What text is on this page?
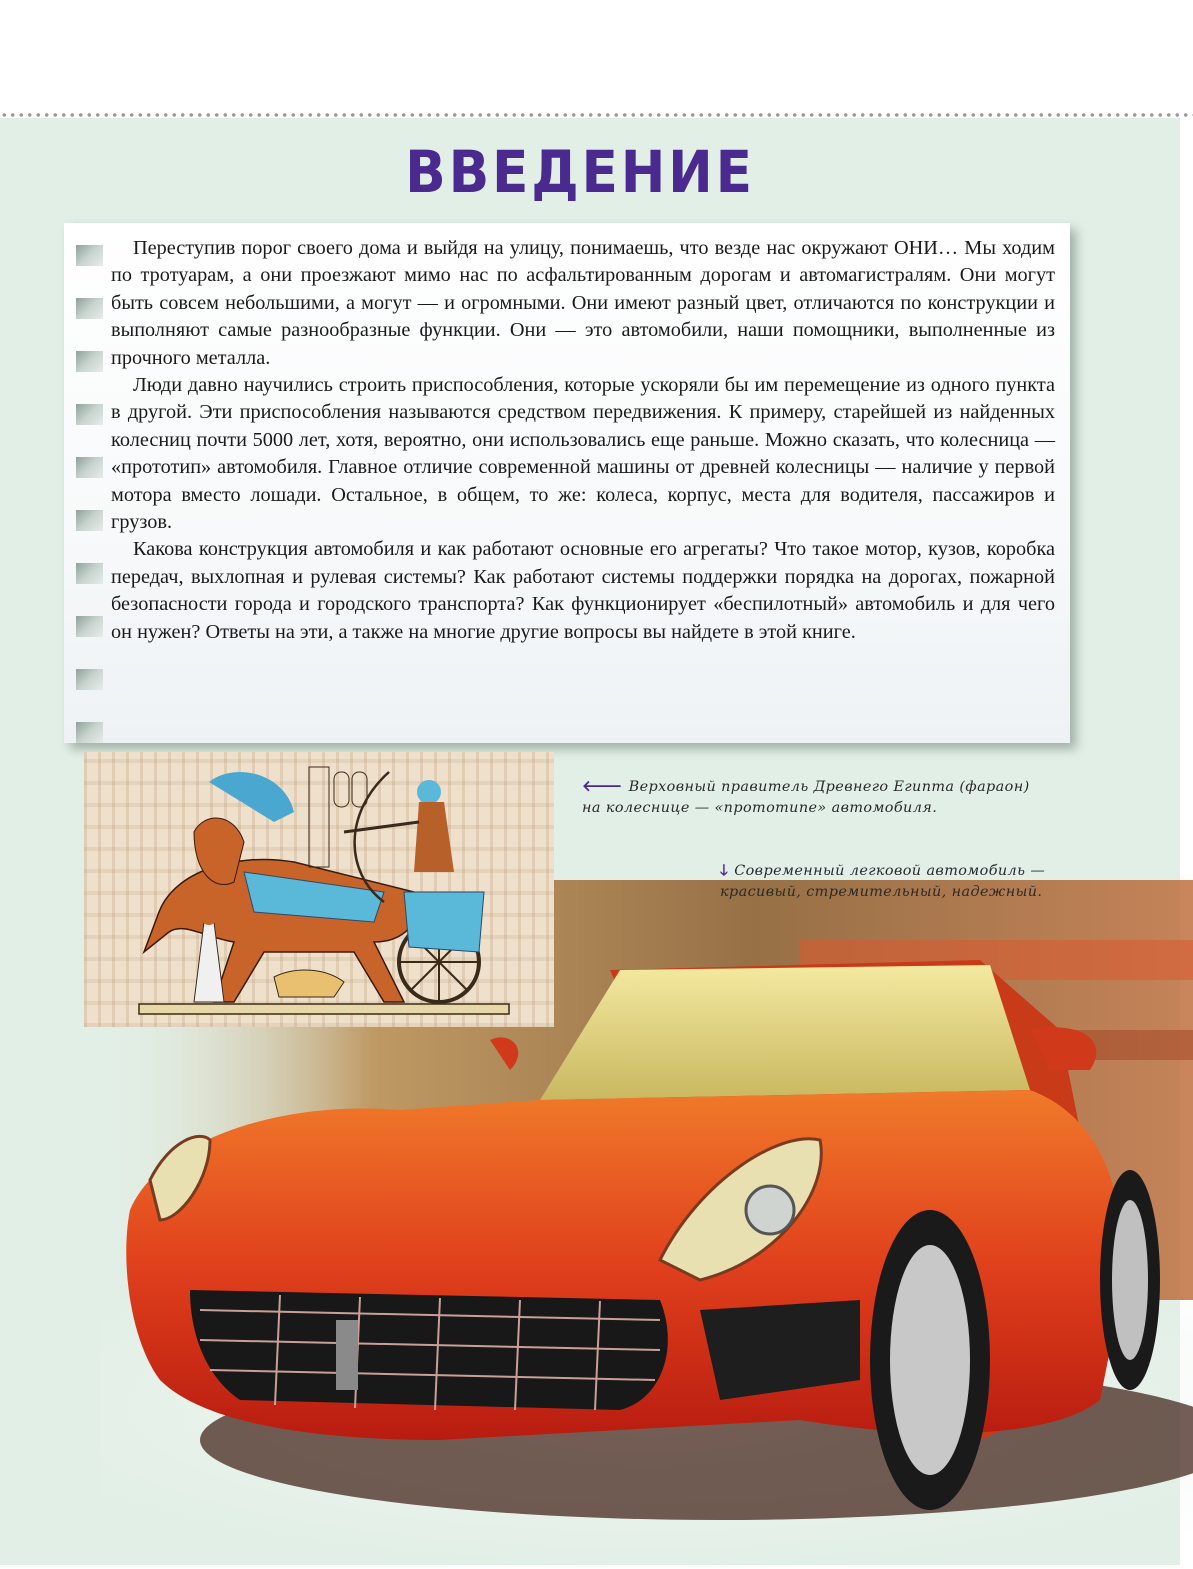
ВВЕДЕНИЕ

Переступив порог своего дома и выйдя на улицу, понимаешь, что везде нас окружают ОНИ… Мы ходим по тротуарам, а они проезжают мимо нас по асфальтированным дорогам и автомагистралям. Они могут быть совсем небольшими, а могут — и огромными. Они имеют разный цвет, отличаются по конструкции и выполняют самые разнообразные функции. Они — это автомобили, наши помощники, выполненные из прочного металла.

Люди давно научились строить приспособления, которые ускоряли бы им перемещение из одного пункта в другой. Эти приспособления называются средством передвижения. К примеру, старейшей из найденных колесниц почти 5000 лет, хотя, вероятно, они использовались еще раньше. Можно сказать, что колесница — «прототип» автомобиля. Главное отличие современной машины от древней колесницы — наличие у первой мотора вместо лошади. Остальное, в общем, то же: колеса, корпус, места для водителя, пассажиров и грузов.

Какова конструкция автомобиля и как работают основные его агрегаты? Что такое мотор, кузов, коробка передач, выхлопная и рулевая системы? Как работают системы поддержки порядка на дорогах, пожарной безопасности города и городского транспорта? Как функционирует «беспилотный» автомобиль и для чего он нужен? Ответы на эти, а также на многие другие вопросы вы найдете в этой книге.

🡐 Верховный правитель Древнего Египта (фараон) на колеснице — «прототипе» автомобиля.
🡓 Современный легковой автомобиль — красивый, стремительный, надежный.
